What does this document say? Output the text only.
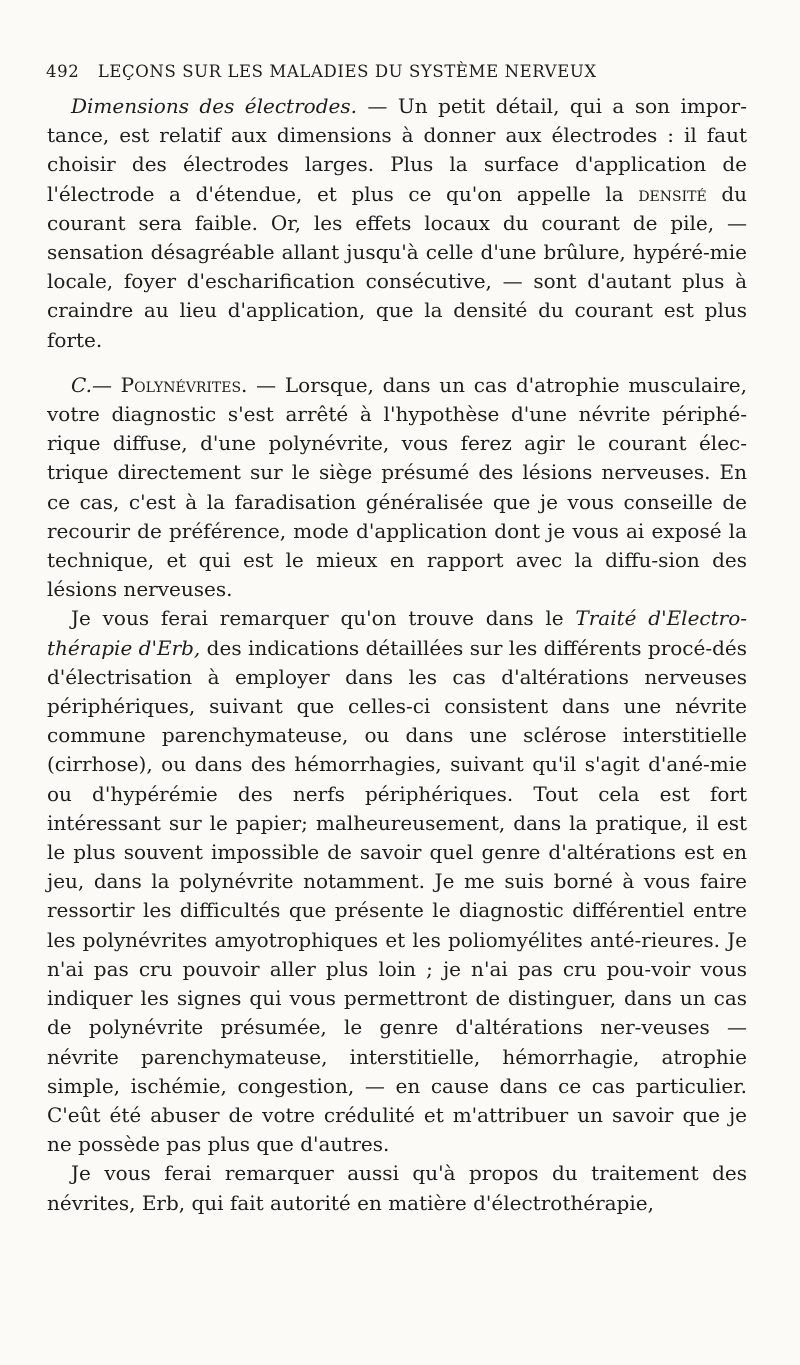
492 LEÇONS SUR LES MALADIES DU SYSTÈME NERVEUX

Dimensions des électrodes. — Un petit détail, qui a son impor-tance, est relatif aux dimensions à donner aux électrodes : il faut choisir des électrodes larges. Plus la surface d'application de l'électrode a d'étendue, et plus ce qu'on appelle la densité du courant sera faible. Or, les effets locaux du courant de pile, — sensation désagréable allant jusqu'à celle d'une brûlure, hypéré-mie locale, foyer d'escharification consécutive, — sont d'autant plus à craindre au lieu d'application, que la densité du courant est plus forte.

C.— Polynévrites. — Lorsque, dans un cas d'atrophie musculaire, votre diagnostic s'est arrêté à l'hypothèse d'une névrite périphé-rique diffuse, d'une polynévrite, vous ferez agir le courant élec-trique directement sur le siège présumé des lésions nerveuses. En ce cas, c'est à la faradisation généralisée que je vous conseille de recourir de préférence, mode d'application dont je vous ai exposé la technique, et qui est le mieux en rapport avec la diffu-sion des lésions nerveuses.

Je vous ferai remarquer qu'on trouve dans le Traité d'Electro-thérapie d'Erb, des indications détaillées sur les différents procé-dés d'électrisation à employer dans les cas d'altérations nerveuses périphériques, suivant que celles-ci consistent dans une névrite commune parenchymateuse, ou dans une sclérose interstitielle (cirrhose), ou dans des hémorrhagies, suivant qu'il s'agit d'ané-mie ou d'hypérémie des nerfs périphériques. Tout cela est fort intéressant sur le papier; malheureusement, dans la pratique, il est le plus souvent impossible de savoir quel genre d'altérations est en jeu, dans la polynévrite notamment. Je me suis borné à vous faire ressortir les difficultés que présente le diagnostic différentiel entre les polynévrites amyotrophiques et les poliomyélites anté-rieures. Je n'ai pas cru pouvoir aller plus loin ; je n'ai pas cru pou-voir vous indiquer les signes qui vous permettront de distinguer, dans un cas de polynévrite présumée, le genre d'altérations ner-veuses — névrite parenchymateuse, interstitielle, hémorrhagie, atrophie simple, ischémie, congestion, — en cause dans ce cas particulier. C'eût été abuser de votre crédulité et m'attribuer un savoir que je ne possède pas plus que d'autres.

Je vous ferai remarquer aussi qu'à propos du traitement des névrites, Erb, qui fait autorité en matière d'électrothérapie,
